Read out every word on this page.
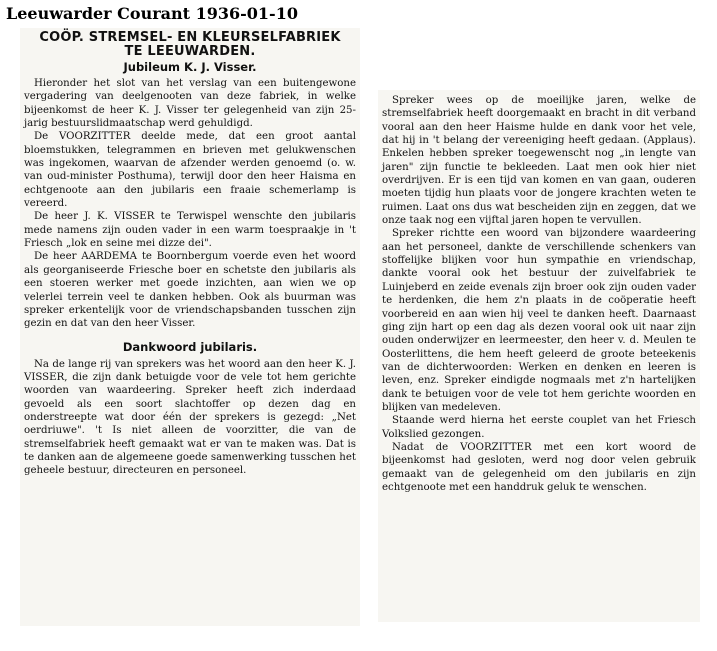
Leeuwarder Courant 1936-01-10
COÖP. STREMSEL- EN KLEURSELFABRIEK
TE LEEUWARDEN.
Jubileum K. J. Visser.

Hieronder het slot van het verslag van een buitengewone vergadering van deelgenooten van deze fabriek, in welke bijeenkomst de heer K. J. Visser ter gelegenheid van zijn 25-jarig bestuurslidmaatschap werd gehuldigd.

De VOORZITTER deelde mede, dat een groot aantal bloemstukken, telegrammen en brieven met gelukwenschen was ingekomen, waarvan de afzender werden genoemd (o. w. van oud-minister Posthuma), terwijl door den heer Haisma en echtgenoote aan den jubilaris een fraaie schemerlamp is vereerd.

De heer J. K. VISSER te Terwispel wenschte den jubilaris mede namens zijn ouden vader in een warm toespraakje in 't Friesch „lok en seine mei dizze dei".

De heer AARDEMA te Boornbergum voerde even het woord als georganiseerde Friesche boer en schetste den jubilaris als een stoeren werker met goede inzichten, aan wien we op velerlei terrein veel te danken hebben. Ook als buurman was spreker erkentelijk voor de vriendschapsbanden tusschen zijn gezin en dat van den heer Visser.

Dankwoord jubilaris.

Na de lange rij van sprekers was het woord aan den heer K. J. VISSER, die zijn dank betuigde voor de vele tot hem gerichte woorden van waardeering. Spreker heeft zich inderdaad gevoeld als een soort slachtoffer op dezen dag en onderstreepte wat door één der sprekers is gezegd: „Net oerdriuwe". 't Is niet alleen de voorzitter, die van de stremselfabriek heeft gemaakt wat er van te maken was. Dat is te danken aan de algemeene goede samenwerking tusschen het geheele bestuur, directeuren en personeel.

Spreker wees op de moeilijke jaren, welke de stremselfabriek heeft doorgemaakt en bracht in dit verband vooral aan den heer Haisme hulde en dank voor het vele, dat hij in 't belang der vereeniging heeft gedaan. (Applaus). Enkelen hebben spreker toegewenscht nog „in lengte van jaren" zijn functie te bekleeden. Laat men ook hier niet overdrijven. Er is een tijd van komen en van gaan, ouderen moeten tijdig hun plaats voor de jongere krachten weten te ruimen. Laat ons dus wat bescheiden zijn en zeggen, dat we onze taak nog een vijftal jaren hopen te vervullen.

Spreker richtte een woord van bijzondere waardeering aan het personeel, dankte de verschillende schenkers van stoffelijke blijken voor hun sympathie en vriendschap, dankte vooral ook het bestuur der zuivelfabriek te Luinjeberd en zeide evenals zijn broer ook zijn ouden vader te herdenken, die hem z'n plaats in de coöperatie heeft voorbereid en aan wien hij veel te danken heeft. Daarnaast ging zijn hart op een dag als dezen vooral ook uit naar zijn ouden onderwijzer en leermeester, den heer v. d. Meulen te Oosterlittens, die hem heeft geleerd de groote beteekenis van de dichterwoorden: Werken en denken en leeren is leven, enz. Spreker eindigde nogmaals met z'n hartelijken dank te betuigen voor de vele tot hem gerichte woorden en blijken van medeleven.

Staande werd hierna het eerste couplet van het Friesch Volkslied gezongen.

Nadat de VOORZITTER met een kort woord de bijeenkomst had gesloten, werd nog door velen gebruik gemaakt van de gelegenheid om den jubilaris en zijn echtgenoote met een handdruk geluk te wenschen.
